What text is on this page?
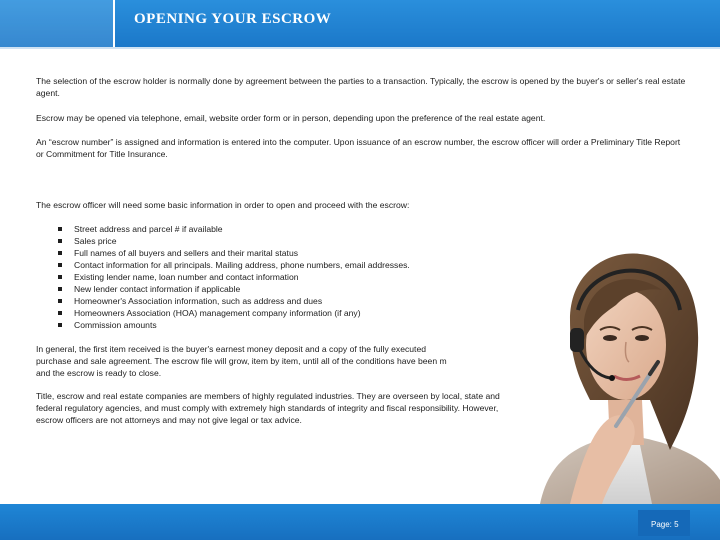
OPENING YOUR ESCROW

The selection of the escrow holder is normally done by agreement between the parties to a transaction. Typically, the escrow is opened by the buyer's or seller's real estate agent.

Escrow may be opened via telephone, email, website order form or in person, depending upon the preference of the real estate agent.

An “escrow number” is assigned and information is entered into the computer. Upon issuance of an escrow number, the escrow officer will order a Preliminary Title Report or Commitment for Title Insurance.

The escrow officer will need some basic information in order to open and proceed with the escrow:

Street address and parcel # if available
Sales price
Full names of all buyers and sellers and their marital status
Contact information for all principals. Mailing address, phone numbers, email addresses.
Existing lender name, loan number and contact information
New lender contact information if applicable
Homeowner's Association information, such as address and dues
Homeowners Association (HOA) management company information (if any)
Commission amounts

In general, the first item received is the buyer's earnest money deposit and a copy of the fully executed
purchase and sale agreement. The escrow file will grow, item by item, until all of the conditions have been m
and the escrow is ready to close.

Title, escrow and real estate companies are members of highly regulated industries. They are overseen by local, state and federal regulatory agencies, and must comply with extremely high standards of integrity and fiscal responsibility. However, escrow officers are not attorneys and may not give legal or tax advice.

Page: 5
